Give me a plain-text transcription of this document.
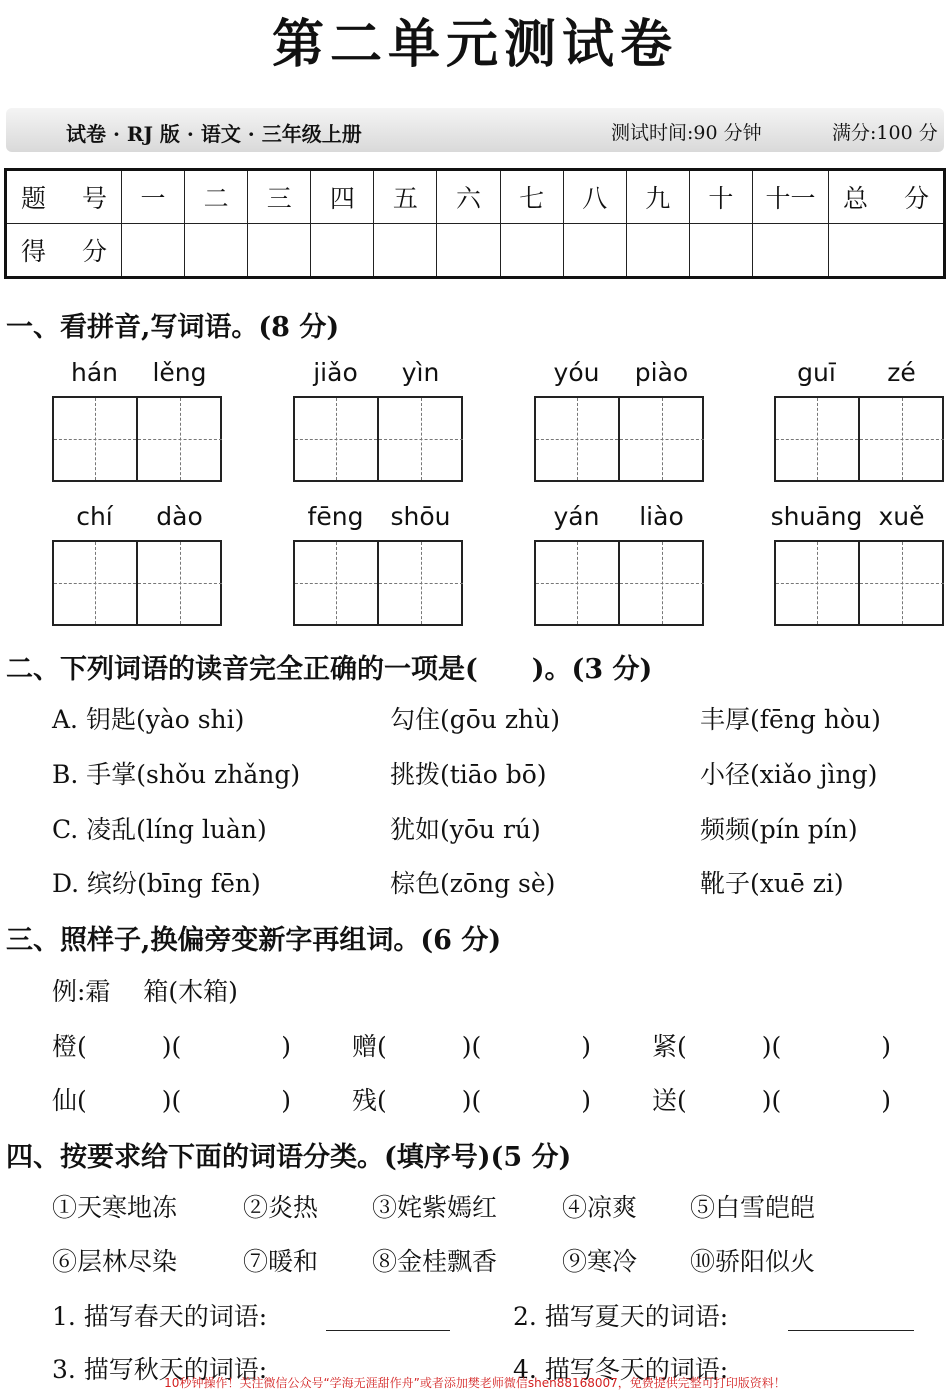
第二单元测试卷
试卷 · RJ 版 · 语文 · 三年级上册	测试时间:90 分钟	满分:100 分
题 号	一	二	三	四	五	六	七	八	九	十	十一	总 分
得 分												
一、看拼音,写词语。(8 分)
hán	lěng	jiǎo	yìn	yóu	piào	guī	zé
chí	dào	fēng	shōu	yán	liào	shuāng xuě
二、下列词语的读音完全正确的一项是(　　)。(3 分)
A. 钥匙(yào shi)	勾住(gōu zhù)	丰厚(fēng hòu)
B. 手掌(shǒu zhǎng)	挑拨(tiāo bō)	小径(xiǎo jìng)
C. 凌乱(líng luàn)	犹如(yōu rú)	频频(pín pín)
D. 缤纷(bīng fēn)	棕色(zōng sè)	靴子(xuē zi)
三、照样子,换偏旁变新字再组词。(6 分)
例:霜　 箱(木箱)
橙(　　　)(　　　　) 赠(　　　)(　　　　) 紧(　　　)(　　　　)
仙(　　　)(　　　　) 残(　　　)(　　　　) 送(　　　)(　　　　)
四、按要求给下面的词语分类。(填序号)(5 分)
①天寒地冻	②炎热 ③姹紫嫣红	④凉爽 ⑤白雪皑皑
⑥层林尽染	⑦暖和 ⑧金桂飘香	⑨寒冷 ⑩骄阳似火
1. 描写春天的词语:	2. 描写夏天的词语:
3. 描写秋天的词语:	4. 描写冬天的词语:
10秒钟操作！关注微信公众号“学海无涯甜作舟”或者添加樊老师微信shen88168007，免费提供完整可打印版资料！
